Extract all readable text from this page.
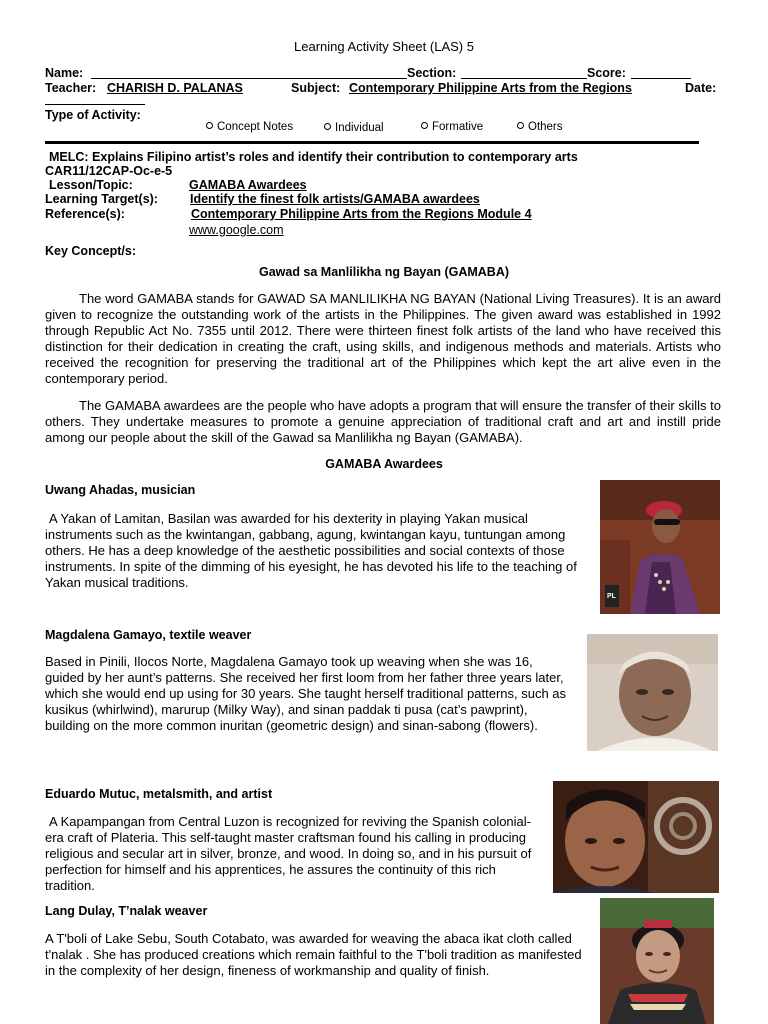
Learning Activity Sheet (LAS) 5
Name:	Section:	Score:
Teacher: CHARISH D. PALANAS	Subject: Contemporary Philippine Arts from the Regions	Date:
Type of Activity:
Concept Notes	Individual	Formative	Others
MELC: Explains Filipino artist’s roles and identify their contribution to contemporary arts
CAR11/12CAP-Oc-e-5
Lesson/Topic:	GAMABA Awardees
Learning Target(s):	Identify the finest folk artists/GAMABA awardees
Reference(s):	Contemporary Philippine Arts from the Regions Module 4
www.google.com
Key Concept/s:
Gawad sa Manlilikha ng Bayan (GAMABA)
The word GAMABA stands for GAWAD SA MANLILIKHA NG BAYAN (National Living Treasures). It is an award given to recognize the outstanding work of the artists in the Philippines. The given award was established in 1992 through Republic Act No. 7355 until 2012. There were thirteen finest folk artists of the land who have received this distinction for their dedication in creating the craft, using skills, and indigenous methods and materials. Artists who received the recognition for preserving the traditional art of the Philippines which kept the art alive even in the contemporary period.
The GAMABA awardees are the people who have adopts a program that will ensure the transfer of their skills to others. They undertake measures to promote a genuine appreciation of traditional craft and art and instill pride among our people about the skill of the Gawad sa Manlilikha ng Bayan (GAMABA).
GAMABA Awardees
Uwang Ahadas, musician
A Yakan of Lamitan, Basilan was awarded for his dexterity in playing Yakan musical instruments such as the kwintangan, gabbang, agung, kwintangan kayu, tuntungan among others. He has a deep knowledge of the aesthetic possibilities and social contexts of those instruments. In spite of the dimming of his eyesight, he has devoted his life to the teaching of Yakan musical traditions.
PL
Magdalena Gamayo, textile weaver
Based in Pinili, Ilocos Norte, Magdalena Gamayo took up weaving when she was 16, guided by her aunt’s patterns. She received her first loom from her father three years later, which she would end up using for 30 years. She taught herself traditional patterns, such as kusikus (whirlwind), marurup (Milky Way), and sinan paddak ti pusa (cat’s pawprint), building on the more common inuritan (geometric design) and sinan-sabong (flowers).
Eduardo Mutuc, metalsmith, and artist
A Kapampangan from Central Luzon is recognized for reviving the Spanish colonial-era craft of Plateria. This self-taught master craftsman found his calling in producing religious and secular art in silver, bronze, and wood. In doing so, and in his pursuit of perfection for himself and his apprentices, he assures the continuity of this rich tradition.
Lang Dulay, T’nalak weaver
A T'boli of Lake Sebu, South Cotabato, was awarded for weaving the abaca ikat cloth called t'nalak . She has produced creations which remain faithful to the T'boli tradition as manifested in the complexity of her design, fineness of workmanship and quality of finish.
